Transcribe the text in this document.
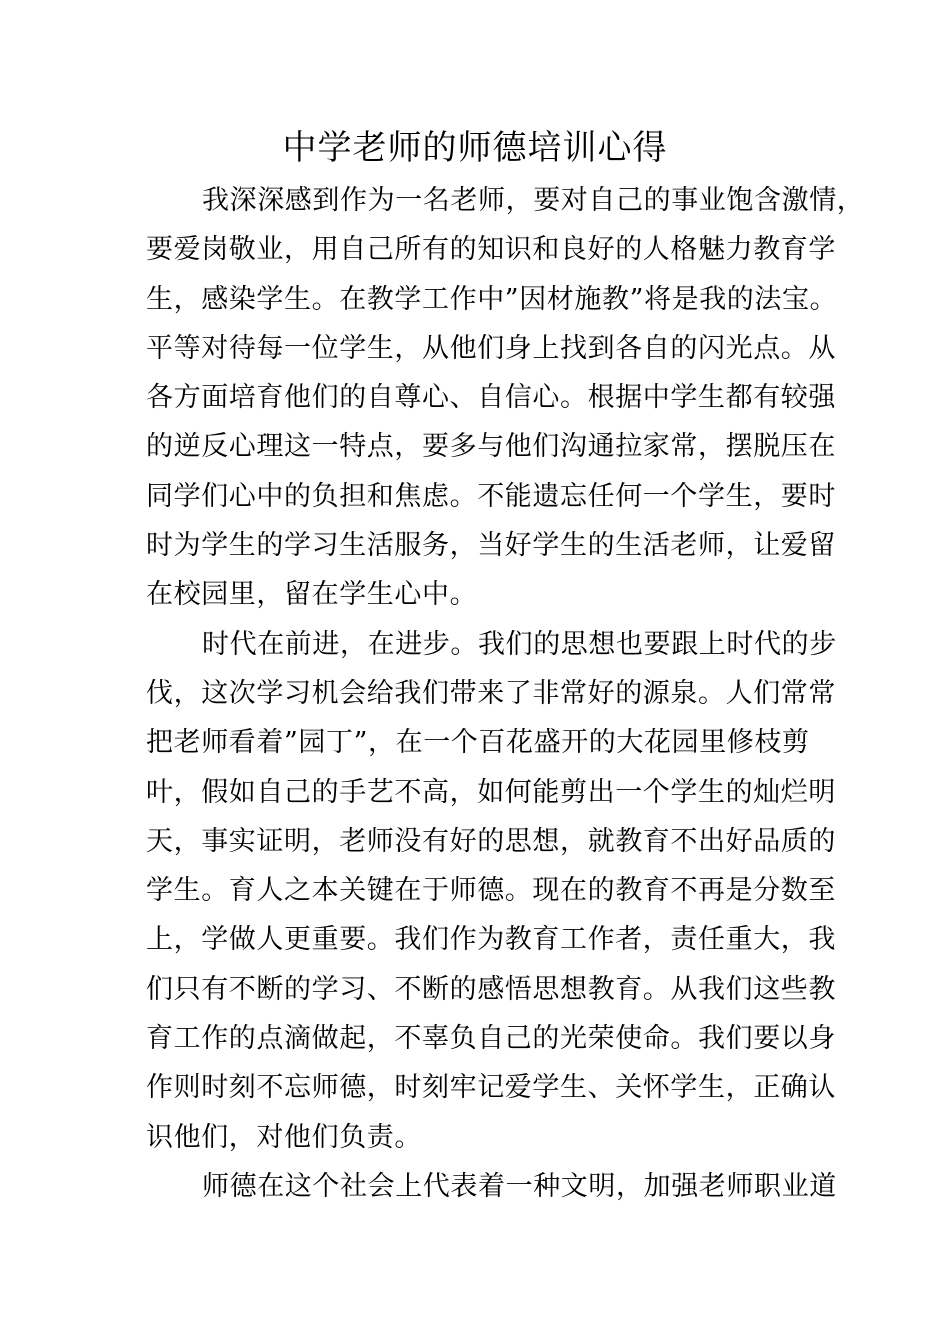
中学老师的师德培训心得

我深深感到作为一名老师，要对自己的事业饱含激情，
要爱岗敬业，用自己所有的知识和良好的人格魅力教育学
生，感染学生。在教学工作中”因材施教”将是我的法宝。
平等对待每一位学生，从他们身上找到各自的闪光点。从
各方面培育他们的自尊心、自信心。根据中学生都有较强
的逆反心理这一特点，要多与他们沟通拉家常，摆脱压在
同学们心中的负担和焦虑。不能遗忘任何一个学生，要时
时为学生的学习生活服务，当好学生的生活老师，让爱留
在校园里，留在学生心中。

时代在前进，在进步。我们的思想也要跟上时代的步
伐，这次学习机会给我们带来了非常好的源泉。人们常常
把老师看着”园丁”，在一个百花盛开的大花园里修枝剪
叶，假如自己的手艺不高，如何能剪出一个学生的灿烂明
天，事实证明，老师没有好的思想，就教育不出好品质的
学生。育人之本关键在于师德。现在的教育不再是分数至
上，学做人更重要。我们作为教育工作者，责任重大，我
们只有不断的学习、不断的感悟思想教育。从我们这些教
育工作的点滴做起，不辜负自己的光荣使命。我们要以身
作则时刻不忘师德，时刻牢记爱学生、关怀学生，正确认
识他们，对他们负责。

师德在这个社会上代表着一种文明，加强老师职业道
